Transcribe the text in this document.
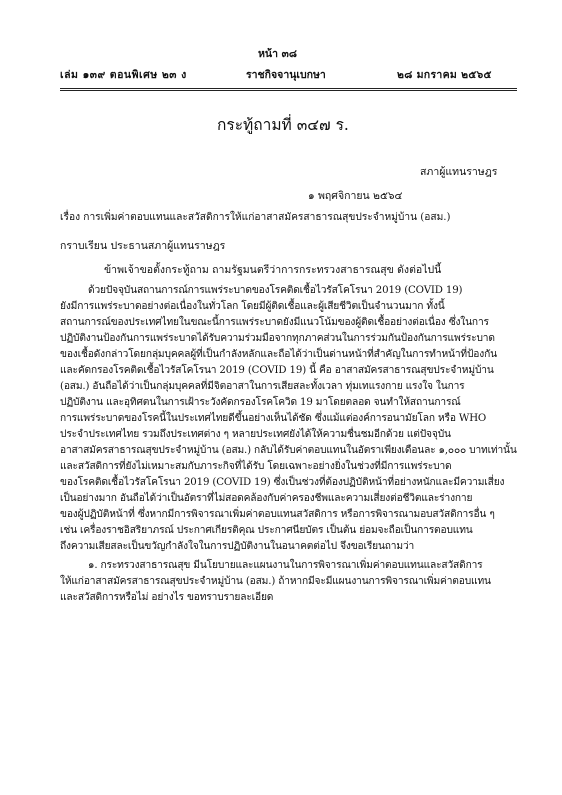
หน้า ๓๘
เล่ม ๑๓๙ ตอนพิเศษ ๒๓ ง	ราชกิจจานุเบกษา	๒๘ มกราคม ๒๕๖๕
กระทู้ถามที่ ๓๔๗ ร.
สภาผู้แทนราษฎร
๑ พฤศจิกายน ๒๕๖๔
เรื่อง การเพิ่มค่าตอบแทนและสวัสดิการให้แก่อาสาสมัครสาธารณสุขประจำหมู่บ้าน (อสม.)
กราบเรียน ประธานสภาผู้แทนราษฎร
ข้าพเจ้าขอตั้งกระทู้ถาม ถามรัฐมนตรีว่าการกระทรวงสาธารณสุข ดังต่อไปนี้

ด้วยปัจจุบันสถานการณ์การแพร่ระบาดของโรคติดเชื้อไวรัสโคโรนา 2019 (COVID 19)

ยังมีการแพร่ระบาดอย่างต่อเนื่องในทั่วโลก โดยมีผู้ติดเชื้อและผู้เสียชีวิตเป็นจำนวนมาก ทั้งนี้

สถานการณ์ของประเทศไทยในขณะนี้การแพร่ระบาดยังมีแนวโน้มของผู้ติดเชื้ออย่างต่อเนื่อง ซึ่งในการ

ปฏิบัติงานป้องกันการแพร่ระบาดได้รับความร่วมมือจากทุกภาคส่วนในการร่วมกันป้องกันการแพร่ระบาด

ของเชื้อดังกล่าวโดยกลุ่มบุคคลผู้ที่เป็นกำลังหลักและถือได้ว่าเป็นด่านหน้าที่สำคัญในการทำหน้าที่ป้องกัน

และคัดกรองโรคติดเชื้อไวรัสโคโรนา 2019 (COVID 19) นี้ คือ อาสาสมัครสาธารณสุขประจำหมู่บ้าน

(อสม.) อันถือได้ว่าเป็นกลุ่มบุคคลที่มีจิตอาสาในการเสียสละทั้งเวลา ทุ่มเทแรงกาย แรงใจ ในการ

ปฏิบัติงาน และอุทิศตนในการเฝ้าระวังคัดกรองโรคโควิด 19 มาโดยตลอด จนทำให้สถานการณ์

การแพร่ระบาดของโรคนี้ในประเทศไทยดีขึ้นอย่างเห็นได้ชัด ซึ่งแม้แต่องค์การอนามัยโลก หรือ WHO

ประจำประเทศไทย รวมถึงประเทศต่าง ๆ หลายประเทศยังได้ให้ความชื่นชมอีกด้วย แต่ปัจจุบัน

อาสาสมัครสาธารณสุขประจำหมู่บ้าน (อสม.) กลับได้รับค่าตอบแทนในอัตราเพียงเดือนละ ๑,๐๐๐ บาทเท่านั้น

และสวัสดิการที่ยังไม่เหมาะสมกับภาระกิจที่ได้รับ โดยเฉพาะอย่างยิ่งในช่วงที่มีการแพร่ระบาด

ของโรคติดเชื้อไวรัสโคโรนา 2019 (COVID 19) ซึ่งเป็นช่วงที่ต้องปฏิบัติหน้าที่อย่างหนักและมีความเสี่ยง

เป็นอย่างมาก อันถือได้ว่าเป็นอัตราที่ไม่สอดคล้องกับค่าครองชีพและความเสี่ยงต่อชีวิตและร่างกาย

ของผู้ปฏิบัติหน้าที่ ซึ่งหากมีการพิจารณาเพิ่มค่าตอบแทนสวัสดิการ หรือการพิจารณามอบสวัสดิการอื่น ๆ

เช่น เครื่องราชอิสริยาภรณ์ ประกาศเกียรติคุณ ประกาศนียบัตร เป็นต้น ย่อมจะถือเป็นการตอบแทน

ถึงความเสียสละเป็นขวัญกำลังใจในการปฏิบัติงานในอนาคตต่อไป จึงขอเรียนถามว่า

๑. กระทรวงสาธารณสุข มีนโยบายและแผนงานในการพิจารณาเพิ่มค่าตอบแทนและสวัสดิการ

ให้แก่อาสาสมัครสาธารณสุขประจำหมู่บ้าน (อสม.) ถ้าหากมีจะมีแผนงานการพิจารณาเพิ่มค่าตอบแทน

และสวัสดิการหรือไม่ อย่างไร ขอทราบรายละเอียด
